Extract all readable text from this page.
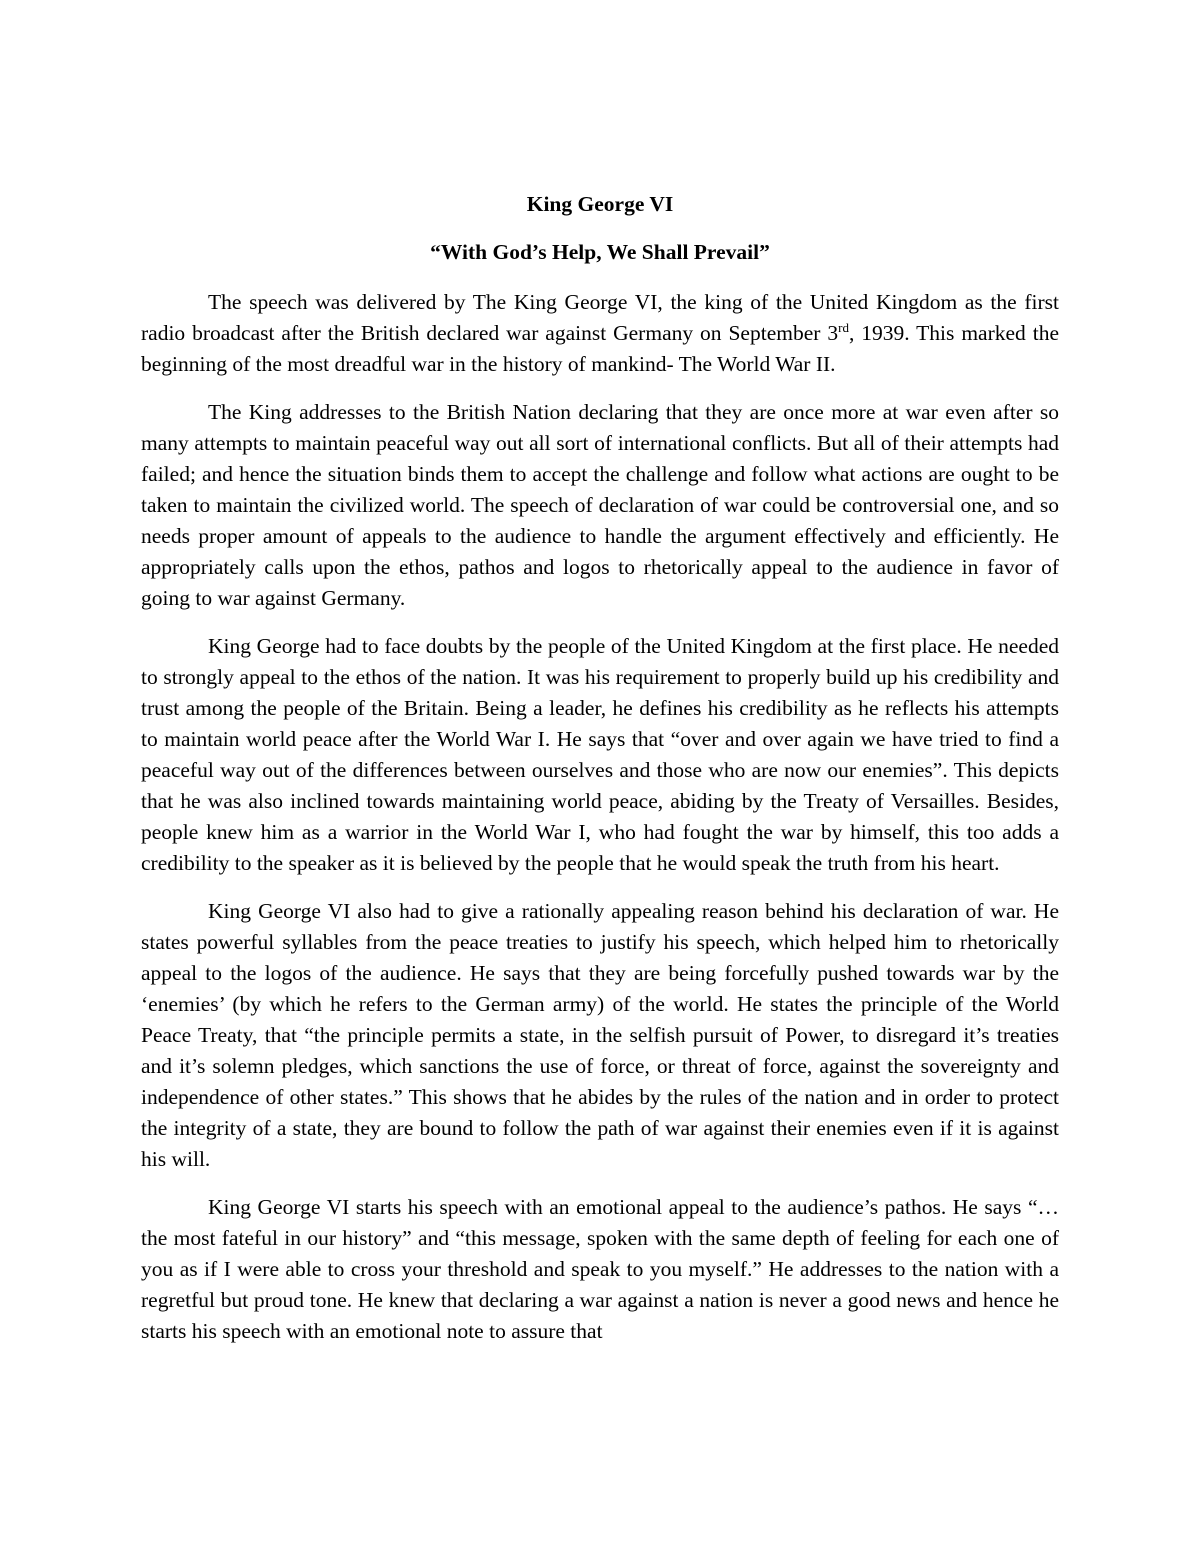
King George VI
“With God’s Help, We Shall Prevail”

The speech was delivered by The King George VI, the king of the United Kingdom as the first radio broadcast after the British declared war against Germany on September 3rd, 1939. This marked the beginning of the most dreadful war in the history of mankind- The World War II.

The King addresses to the British Nation declaring that they are once more at war even after so many attempts to maintain peaceful way out all sort of international conflicts. But all of their attempts had failed; and hence the situation binds them to accept the challenge and follow what actions are ought to be taken to maintain the civilized world. The speech of declaration of war could be controversial one, and so needs proper amount of appeals to the audience to handle the argument effectively and efficiently. He appropriately calls upon the ethos, pathos and logos to rhetorically appeal to the audience in favor of going to war against Germany.

King George had to face doubts by the people of the United Kingdom at the first place. He needed to strongly appeal to the ethos of the nation. It was his requirement to properly build up his credibility and trust among the people of the Britain. Being a leader, he defines his credibility as he reflects his attempts to maintain world peace after the World War I. He says that “over and over again we have tried to find a peaceful way out of the differences between ourselves and those who are now our enemies”. This depicts that he was also inclined towards maintaining world peace, abiding by the Treaty of Versailles. Besides, people knew him as a warrior in the World War I, who had fought the war by himself, this too adds a credibility to the speaker as it is believed by the people that he would speak the truth from his heart.

King George VI also had to give a rationally appealing reason behind his declaration of war. He states powerful syllables from the peace treaties to justify his speech, which helped him to rhetorically appeal to the logos of the audience. He says that they are being forcefully pushed towards war by the ‘enemies’ (by which he refers to the German army) of the world. He states the principle of the World Peace Treaty, that “the principle permits a state, in the selfish pursuit of Power, to disregard it’s treaties and it’s solemn pledges, which sanctions the use of force, or threat of force, against the sovereignty and independence of other states.” This shows that he abides by the rules of the nation and in order to protect the integrity of a state, they are bound to follow the path of war against their enemies even if it is against his will.

King George VI starts his speech with an emotional appeal to the audience’s pathos. He says “…the most fateful in our history” and “this message, spoken with the same depth of feeling for each one of you as if I were able to cross your threshold and speak to you myself.” He addresses to the nation with a regretful but proud tone. He knew that declaring a war against a nation is never a good news and hence he starts his speech with an emotional note to assure that
